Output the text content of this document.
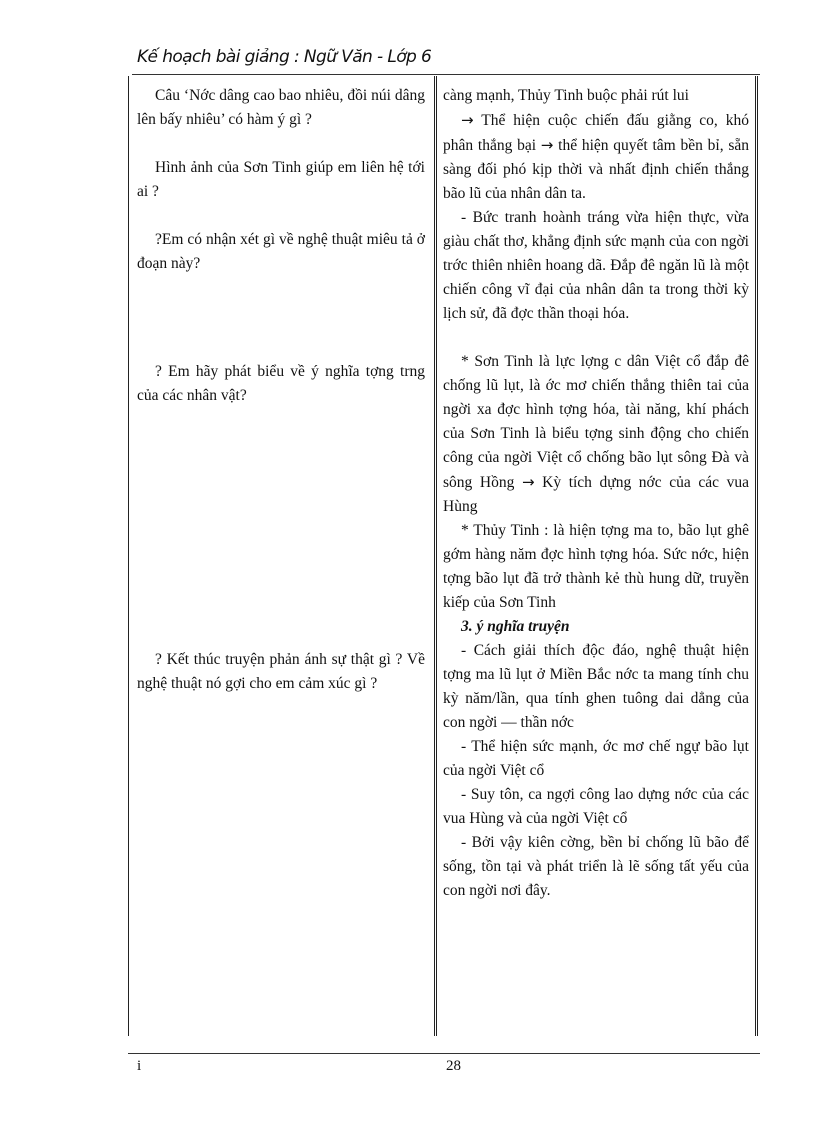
Kế hoạch bài giảng : Ngữ Văn - Lớp 6

Câu ‘Nớc dâng cao bao nhiêu, đồi núi dâng lên bấy nhiêu’ có hàm ý gì ?

Hình ảnh của Sơn Tinh giúp em liên hệ tới ai ?

?Em có nhận xét gì về nghệ thuật miêu tả ở đoạn này?

? Em hãy phát biểu về ý nghĩa tợng trng của các nhân vật?

? Kết thúc truyện phản ánh sự thật gì ? Về nghệ thuật nó gợi cho em cảm xúc gì ?

càng mạnh, Thủy Tinh buộc phải rút lui

→ Thể hiện cuộc chiến đấu giằng co, khó phân thắng bại → thể hiện quyết tâm bền bỉ, sẵn sàng đối phó kịp thời và nhất định chiến thắng bão lũ của nhân dân ta.

- Bức tranh hoành tráng vừa hiện thực, vừa giàu chất thơ, khẳng định sức mạnh của con ngời trớc thiên nhiên hoang dã. Đắp đê ngăn lũ là một chiến công vĩ đại của nhân dân ta trong thời kỳ lịch sử, đã đợc thần thoại hóa.

* Sơn Tinh là lực lợng c dân Việt cổ đắp đê chống lũ lụt, là ớc mơ chiến thắng thiên tai của ngời xa đợc hình tợng hóa, tài năng, khí phách của Sơn Tinh là biểu tợng sinh động cho chiến công của ngời Việt cổ chống bão lụt sông Đà và sông Hồng → Kỳ tích dựng nớc của các vua Hùng

* Thủy Tinh : là hiện tợng ma to, bão lụt ghê gớm hàng năm đợc hình tợng hóa. Sức nớc, hiện tợng bão lụt đã trở thành kẻ thù hung dữ, truyền kiếp của Sơn Tinh

3. ý nghĩa truyện

- Cách giải thích độc đáo, nghệ thuật hiện tợng ma lũ lụt ở Miền Bắc nớc ta mang tính chu kỳ năm/lần, qua tính ghen tuông dai dẳng của con ngời — thần nớc

- Thể hiện sức mạnh, ớc mơ chế ngự bão lụt của ngời Việt cổ

- Suy tôn, ca ngợi công lao dựng nớc của các vua Hùng và của ngời Việt cổ

- Bởi vậy kiên cờng, bền bỉ chống lũ bão để sống, tồn tại và phát triển là lẽ sống tất yếu của con ngời nơi đây.

i	28
